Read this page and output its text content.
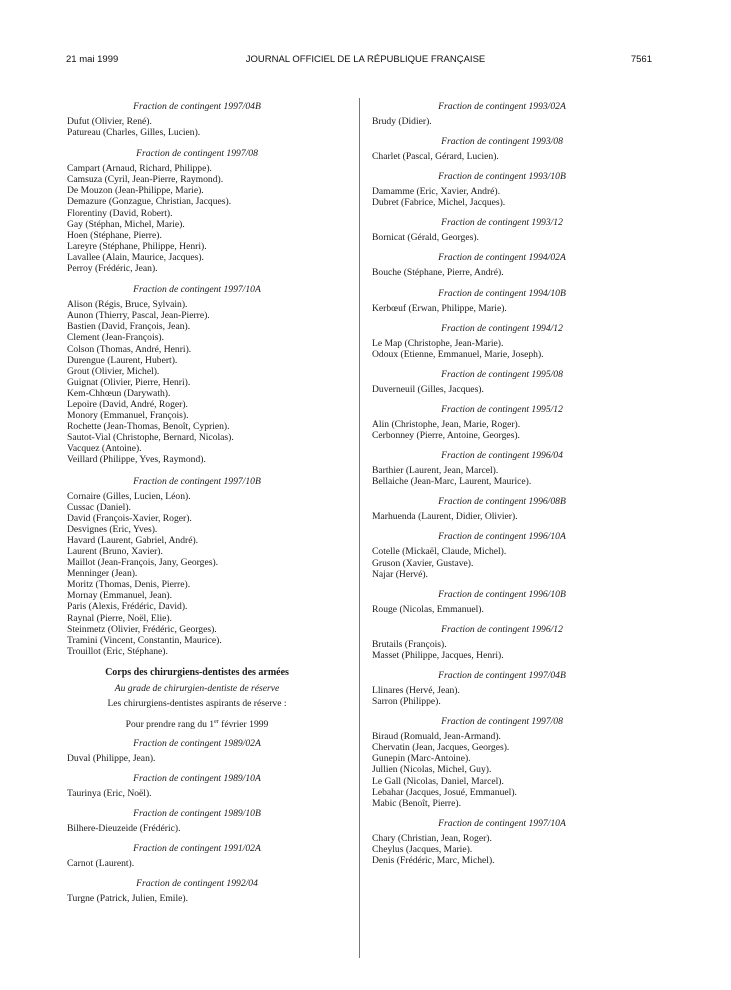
21 mai 1999	JOURNAL OFFICIEL DE LA RÉPUBLIQUE FRANÇAISE	7561

Fraction de contingent 1997/04B

Dufut (Olivier, René).
Patureau (Charles, Gilles, Lucien).

Fraction de contingent 1997/08

Campart (Arnaud, Richard, Philippe).
Camsuza (Cyril, Jean-Pierre, Raymond).
De Mouzon (Jean-Philippe, Marie).
Demazure (Gonzague, Christian, Jacques).
Florentiny (David, Robert).
Gay (Stéphan, Michel, Marie).
Hoen (Stéphane, Pierre).
Lareyre (Stéphane, Philippe, Henri).
Lavallee (Alain, Maurice, Jacques).
Perroy (Frédéric, Jean).

Fraction de contingent 1997/10A

Alison (Régis, Bruce, Sylvain).
Aunon (Thierry, Pascal, Jean-Pierre).
Bastien (David, François, Jean).
Clement (Jean-François).
Colson (Thomas, André, Henri).
Durengue (Laurent, Hubert).
Grout (Olivier, Michel).
Guignat (Olivier, Pierre, Henri).
Kem-Chhœun (Darywath).
Lepoire (David, André, Roger).
Monory (Emmanuel, François).
Rochette (Jean-Thomas, Benoît, Cyprien).
Sautot-Vial (Christophe, Bernard, Nicolas).
Vacquez (Antoine).
Veillard (Philippe, Yves, Raymond).

Fraction de contingent 1997/10B

Cornaire (Gilles, Lucien, Léon).
Cussac (Daniel).
David (François-Xavier, Roger).
Desvignes (Eric, Yves).
Havard (Laurent, Gabriel, André).
Laurent (Bruno, Xavier).
Maillot (Jean-François, Jany, Georges).
Menninger (Jean).
Moritz (Thomas, Denis, Pierre).
Mornay (Emmanuel, Jean).
Paris (Alexis, Frédéric, David).
Raynal (Pierre, Noël, Elie).
Steinmetz (Olivier, Frédéric, Georges).
Tramini (Vincent, Constantin, Maurice).
Trouillot (Eric, Stéphane).

Corps des chirurgiens-dentistes des armées

Au grade de chirurgien-dentiste de réserve

Les chirurgiens-dentistes aspirants de réserve :

Pour prendre rang du 1er février 1999

Fraction de contingent 1989/02A

Duval (Philippe, Jean).

Fraction de contingent 1989/10A

Taurinya (Eric, Noël).

Fraction de contingent 1989/10B

Bilhere-Dieuzeide (Frédéric).

Fraction de contingent 1991/02A

Carnot (Laurent).

Fraction de contingent 1992/04

Turgne (Patrick, Julien, Emile).

Fraction de contingent 1993/02A

Brudy (Didier).

Fraction de contingent 1993/08

Charlet (Pascal, Gérard, Lucien).

Fraction de contingent 1993/10B

Damamme (Eric, Xavier, André).
Dubret (Fabrice, Michel, Jacques).

Fraction de contingent 1993/12

Bornicat (Gérald, Georges).

Fraction de contingent 1994/02A

Bouche (Stéphane, Pierre, André).

Fraction de contingent 1994/10B

Kerbœuf (Erwan, Philippe, Marie).

Fraction de contingent 1994/12

Le Map (Christophe, Jean-Marie).
Odoux (Etienne, Emmanuel, Marie, Joseph).

Fraction de contingent 1995/08

Duverneuil (Gilles, Jacques).

Fraction de contingent 1995/12

Alin (Christophe, Jean, Marie, Roger).
Cerbonney (Pierre, Antoine, Georges).

Fraction de contingent 1996/04

Barthier (Laurent, Jean, Marcel).
Bellaiche (Jean-Marc, Laurent, Maurice).

Fraction de contingent 1996/08B

Marhuenda (Laurent, Didier, Olivier).

Fraction de contingent 1996/10A

Cotelle (Mickaël, Claude, Michel).
Gruson (Xavier, Gustave).
Najar (Hervé).

Fraction de contingent 1996/10B

Rouge (Nicolas, Emmanuel).

Fraction de contingent 1996/12

Brutails (François).
Masset (Philippe, Jacques, Henri).

Fraction de contingent 1997/04B

Llinares (Hervé, Jean).
Sarron (Philippe).

Fraction de contingent 1997/08

Biraud (Romuald, Jean-Armand).
Chervatin (Jean, Jacques, Georges).
Gunepin (Marc-Antoine).
Jullien (Nicolas, Michel, Guy).
Le Gall (Nicolas, Daniel, Marcel).
Lebahar (Jacques, Josué, Emmanuel).
Mabic (Benoît, Pierre).

Fraction de contingent 1997/10A

Chary (Christian, Jean, Roger).
Cheylus (Jacques, Marie).
Denis (Frédéric, Marc, Michel).
